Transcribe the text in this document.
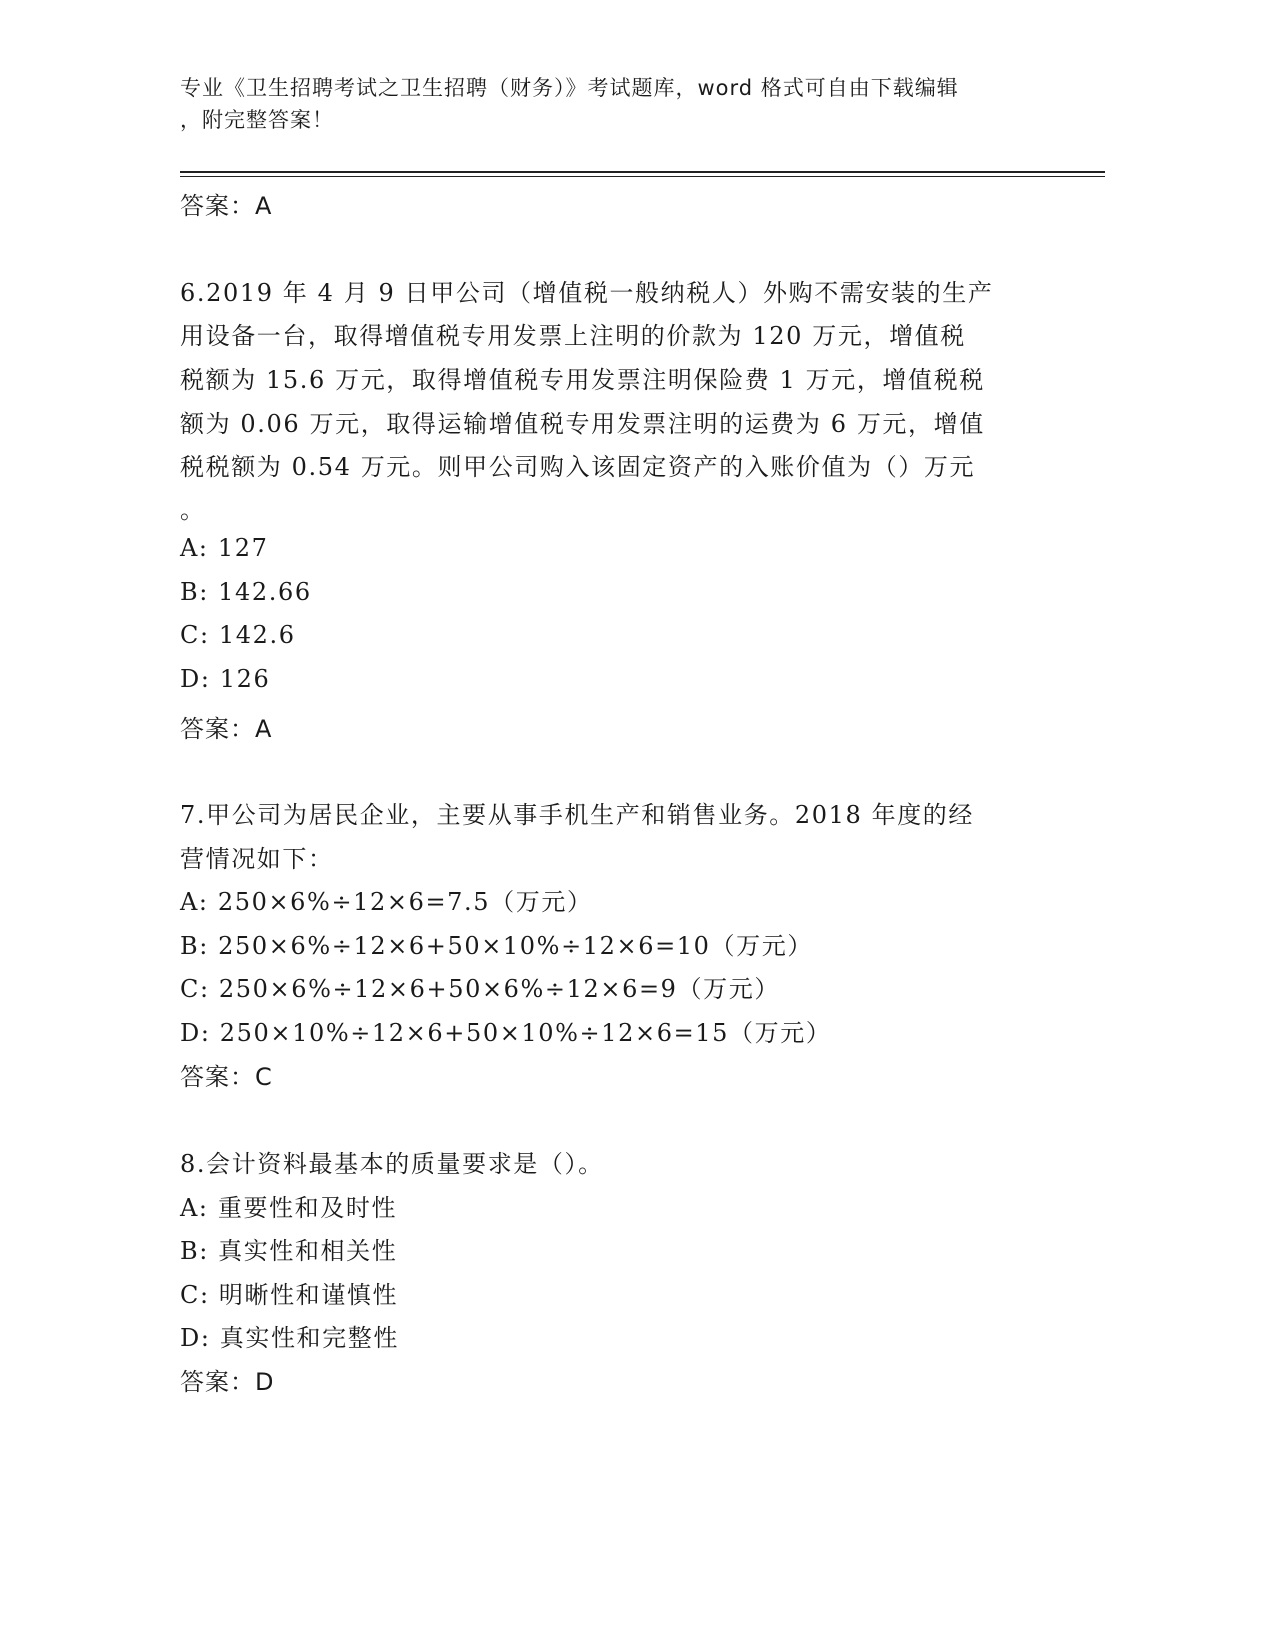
专业《卫生招聘考试之卫生招聘（财务）》考试题库，word 格式可自由下载编辑
，附完整答案！
答案：A
6.2019 年 4 月 9 日甲公司（增值税一般纳税人）外购不需安装的生产
用设备一台，取得增值税专用发票上注明的价款为 120 万元，增值税
税额为 15.6 万元，取得增值税专用发票注明保险费 1 万元，增值税税
额为 0.06 万元，取得运输增值税专用发票注明的运费为 6 万元，增值
税税额为 0.54 万元。则甲公司购入该固定资产的入账价值为（）万元
。
A: 127
B: 142.66
C: 142.6
D: 126
答案：A
7.甲公司为居民企业，主要从事手机生产和销售业务。2018 年度的经
营情况如下：
A: 250×6%÷12×6=7.5（万元）
B: 250×6%÷12×6+50×10%÷12×6=10（万元）
C: 250×6%÷12×6+50×6%÷12×6=9（万元）
D: 250×10%÷12×6+50×10%÷12×6=15（万元）
答案：C
8.会计资料最基本的质量要求是（）。
A: 重要性和及时性
B: 真实性和相关性
C: 明晰性和谨慎性
D: 真实性和完整性
答案：D
